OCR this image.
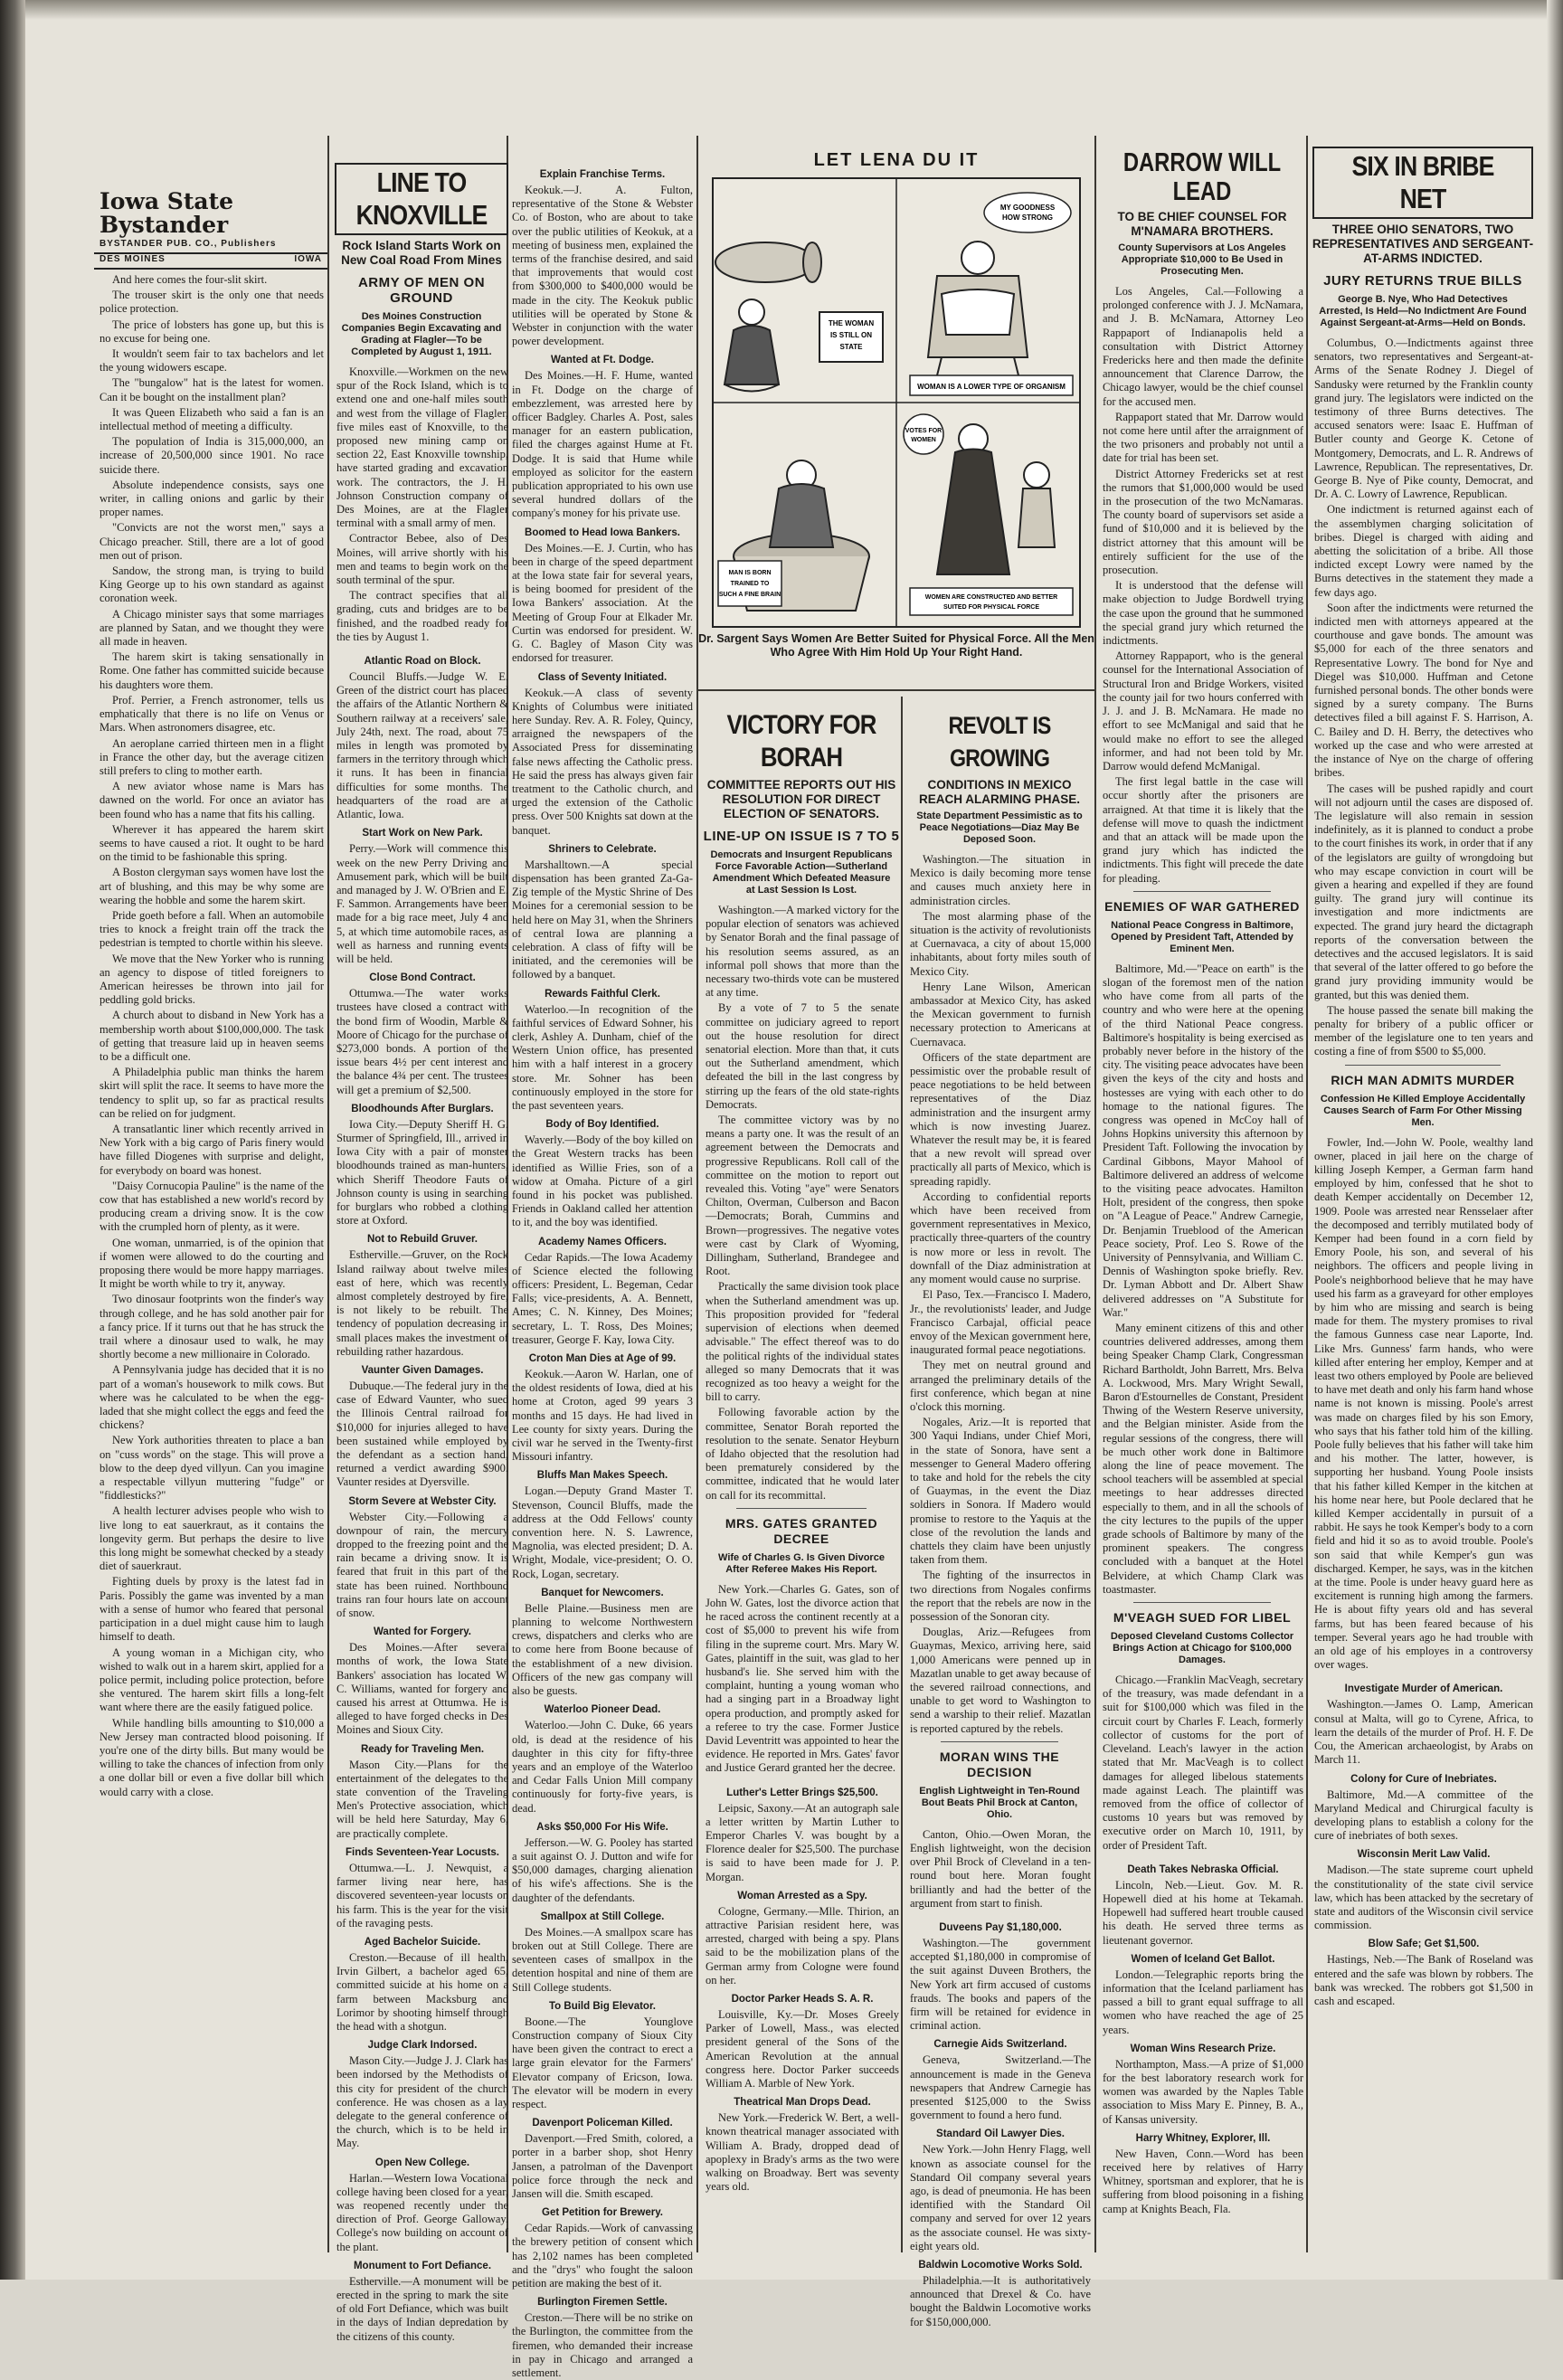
Iowa State Bystander
BYSTANDER PUB. CO., Publishers
DES MOINES	IOWA

And here comes the four-slit skirt.

The trouser skirt is the only one that needs police protection.

The price of lobsters has gone up, but this is no excuse for being one.

It wouldn't seem fair to tax bachelors and let the young widowers escape.

The "bungalow" hat is the latest for women. Can it be bought on the installment plan?

It was Queen Elizabeth who said a fan is an intellectual method of meeting a difficulty.

The population of India is 315,000,000, an increase of 20,500,000 since 1901. No race suicide there.

Absolute independence consists, says one writer, in calling onions and garlic by their proper names.

"Convicts are not the worst men," says a Chicago preacher. Still, there are a lot of good men out of prison.

Sandow, the strong man, is trying to build King George up to his own standard as against coronation week.

A Chicago minister says that some marriages are planned by Satan, and we thought they were all made in heaven.

The harem skirt is taking sensationally in Rome. One father has committed suicide because his daughters wore them.

Prof. Perrier, a French astronomer, tells us emphatically that there is no life on Venus or Mars. When astronomers disagree, etc.

An aeroplane carried thirteen men in a flight in France the other day, but the average citizen still prefers to cling to mother earth.

A new aviator whose name is Mars has dawned on the world. For once an aviator has been found who has a name that fits his calling.

Wherever it has appeared the harem skirt seems to have caused a riot. It ought to be hard on the timid to be fashionable this spring.

A Boston clergyman says women have lost the art of blushing, and this may be why some are wearing the hobble and some the harem skirt.

Pride goeth before a fall. When an automobile tries to knock a freight train off the track the pedestrian is tempted to chortle within his sleeve.

We move that the New Yorker who is running an agency to dispose of titled foreigners to American heiresses be thrown into jail for peddling gold bricks.

A church about to disband in New York has a membership worth about $100,000,000. The task of getting that treasure laid up in heaven seems to be a difficult one.

A Philadelphia public man thinks the harem skirt will split the race. It seems to have more the tendency to split up, so far as practical results can be relied on for judgment.

A transatlantic liner which recently arrived in New York with a big cargo of Paris finery would have filled Diogenes with surprise and delight, for everybody on board was honest.

"Daisy Cornucopia Pauline" is the name of the cow that has established a new world's record by producing cream a driving snow. It is the cow with the crumpled horn of plenty, as it were.

One woman, unmarried, is of the opinion that if women were allowed to do the courting and proposing there would be more happy marriages. It might be worth while to try it, anyway.

Two dinosaur footprints won the finder's way through college, and he has sold another pair for a fancy price. If it turns out that he has struck the trail where a dinosaur used to walk, he may shortly become a new millionaire in Colorado.

A Pennsylvania judge has decided that it is no part of a woman's housework to milk cows. But where was he calculated to be when the egg-laded that she might collect the eggs and feed the chickens?

New York authorities threaten to place a ban on "cuss words" on the stage. This will prove a blow to the deep dyed villyun. Can you imagine a respectable villyun muttering "fudge" or "fiddlesticks?"

A health lecturer advises people who wish to live long to eat sauerkraut, as it contains the longevity germ. But perhaps the desire to live this long might be somewhat checked by a steady diet of sauerkraut.

Fighting duels by proxy is the latest fad in Paris. Possibly the game was invented by a man with a sense of humor who feared that personal participation in a duel might cause him to laugh himself to death.

A young woman in a Michigan city, who wished to walk out in a harem skirt, applied for a police permit, including police protection, before she ventured. The harem skirt fills a long-felt want where there are the easily fatigued police.

While handling bills amounting to $10,000 a New Jersey man contracted blood poisoning. If you're one of the dirty bills. But many would be willing to take the chances of infection from only a one dollar bill or even a five dollar bill which would carry with a close.

LINE TO KNOXVILLE
Rock Island Starts Work on New Coal Road From Mines
ARMY OF MEN ON GROUND
Des Moines Construction Companies Begin Excavating and Grading at Flagler—To be Completed by August 1, 1911.

Knoxville.—Workmen on the new spur of the Rock Island, which is to extend one and one-half miles south and west from the village of Flagler, five miles east of Knoxville, to the proposed new mining camp on section 22, East Knoxville township, have started grading and excavation work. The contractors, the J. H. Johnson Construction company of Des Moines, are at the Flagler terminal with a small army of men.

Contractor Bebee, also of Des Moines, will arrive shortly with his men and teams to begin work on the south terminal of the spur.

The contract specifies that all grading, cuts and bridges are to be finished, and the roadbed ready for the ties by August 1.

Atlantic Road on Block.

Council Bluffs.—Judge W. E. Green of the district court has placed the affairs of the Atlantic Northern & Southern railway at a receivers' sale, July 24th, next. The road, about 75 miles in length was promoted by farmers in the territory through which it runs. It has been in financial difficulties for some months. The headquarters of the road are at Atlantic, Iowa.

Start Work on New Park.

Perry.—Work will commence this week on the new Perry Driving and Amusement park, which will be built and managed by J. W. O'Brien and E. F. Sammon. Arrangements have been made for a big race meet, July 4 and 5, at which time automobile races, as well as harness and running events will be held.

Close Bond Contract.

Ottumwa.—The water works trustees have closed a contract with the bond firm of Woodin, Marble & Moore of Chicago for the purchase of $273,000 bonds. A portion of the issue bears 4½ per cent interest and the balance 4¾ per cent. The trustees will get a premium of $2,500.

Bloodhounds After Burglars.

Iowa City.—Deputy Sheriff H. G. Sturmer of Springfield, Ill., arrived in Iowa City with a pair of monster bloodhounds trained as man-hunters, which Sheriff Theodore Fauts of Johnson county is using in searching for burglars who robbed a clothing store at Oxford.

Not to Rebuild Gruver.

Estherville.—Gruver, on the Rock Island railway about twelve miles east of here, which was recently almost completely destroyed by fire, is not likely to be rebuilt. The tendency of population decreasing in small places makes the investment of rebuilding rather hazardous.

Vaunter Given Damages.

Dubuque.—The federal jury in the case of Edward Vaunter, who sued the Illinois Central railroad for $10,000 for injuries alleged to have been sustained while employed by the defendant as a section hand, returned a verdict awarding $900. Vaunter resides at Dyersville.

Storm Severe at Webster City.

Webster City.—Following a downpour of rain, the mercury dropped to the freezing point and the rain became a driving snow. It is feared that fruit in this part of the state has been ruined. Northbound trains ran four hours late on account of snow.

Wanted for Forgery.

Des Moines.—After several months of work, the Iowa State Bankers' association has located W. C. Williams, wanted for forgery and caused his arrest at Ottumwa. He is alleged to have forged checks in Des Moines and Sioux City.

Ready for Traveling Men.

Mason City.—Plans for the entertainment of the delegates to the state convention of the Traveling Men's Protective association, which will be held here Saturday, May 6, are practically complete.

Finds Seventeen-Year Locusts.

Ottumwa.—L. J. Newquist, a farmer living near here, has discovered seventeen-year locusts on his farm. This is the year for the visit of the ravaging pests.

Aged Bachelor Suicide.

Creston.—Because of ill health, Irvin Gilbert, a bachelor aged 65, committed suicide at his home on a farm between Macksburg and Lorimor by shooting himself through the head with a shotgun.

Judge Clark Indorsed.

Mason City.—Judge J. J. Clark has been indorsed by the Methodists of this city for president of the church conference. He was chosen as a lay delegate to the general conference of the church, which is to be held in May.

Open New College.

Harlan.—Western Iowa Vocational college having been closed for a year, was reopened recently under the direction of Prof. George Galloway. College's now building on account of the plant.

Monument to Fort Defiance.

Estherville.—A monument will be erected in the spring to mark the site of old Fort Defiance, which was built in the days of Indian depredation by the citizens of this county.

Explain Franchise Terms.

Keokuk.—J. A. Fulton, representative of the Stone & Webster Co. of Boston, who are about to take over the public utilities of Keokuk, at a meeting of business men, explained the terms of the franchise desired, and said that improvements that would cost from $300,000 to $400,000 would be made in the city. The Keokuk public utilities will be operated by Stone & Webster in conjunction with the water power development.

Wanted at Ft. Dodge.

Des Moines.—H. F. Hume, wanted in Ft. Dodge on the charge of embezzlement, was arrested here by officer Badgley. Charles A. Post, sales manager for an eastern publication, filed the charges against Hume at Ft. Dodge. It is said that Hume while employed as solicitor for the eastern publication appropriated to his own use several hundred dollars of the company's money for his private use.

Boomed to Head Iowa Bankers.

Des Moines.—E. J. Curtin, who has been in charge of the speed department at the Iowa state fair for several years, is being boomed for president of the Iowa Bankers' association. At the Meeting of Group Four at Elkader Mr. Curtin was endorsed for president. W. G. C. Bagley of Mason City was endorsed for treasurer.

Class of Seventy Initiated.

Keokuk.—A class of seventy Knights of Columbus were initiated here Sunday. Rev. A. R. Foley, Quincy, arraigned the newspapers of the Associated Press for disseminating false news affecting the Catholic press. He said the press has always given fair treatment to the Catholic church, and urged the extension of the Catholic press. Over 500 Knights sat down at the banquet.

Shriners to Celebrate.

Marshalltown.—A special dispensation has been granted Za-Ga-Zig temple of the Mystic Shrine of Des Moines for a ceremonial session to be held here on May 31, when the Shriners of central Iowa are planning a celebration. A class of fifty will be initiated, and the ceremonies will be followed by a banquet.

Rewards Faithful Clerk.

Waterloo.—In recognition of the faithful services of Edward Sohner, his clerk, Ashley A. Dunham, chief of the Western Union office, has presented him with a half interest in a grocery store. Mr. Sohner has been continuously employed in the store for the past seventeen years.

Body of Boy Identified.

Waverly.—Body of the boy killed on the Great Western tracks has been identified as Willie Fries, son of a widow at Omaha. Picture of a girl found in his pocket was published. Friends in Oakland called her attention to it, and the boy was identified.

Academy Names Officers.

Cedar Rapids.—The Iowa Academy of Science elected the following officers: President, L. Begeman, Cedar Falls; vice-presidents, A. A. Bennett, Ames; C. N. Kinney, Des Moines; secretary, L. T. Ross, Des Moines; treasurer, George F. Kay, Iowa City.

Croton Man Dies at Age of 99.

Keokuk.—Aaron W. Harlan, one of the oldest residents of Iowa, died at his home at Croton, aged 99 years 3 months and 15 days. He had lived in Lee county for sixty years. During the civil war he served in the Twenty-first Missouri infantry.

Bluffs Man Makes Speech.

Logan.—Deputy Grand Master T. Stevenson, Council Bluffs, made the address at the Odd Fellows' county convention here. N. S. Lawrence, Magnolia, was elected president; D. A. Wright, Modale, vice-president; O. O. Rock, Logan, secretary.

Banquet for Newcomers.

Belle Plaine.—Business men are planning to welcome Northwestern crews, dispatchers and clerks who are to come here from Boone because of the establishment of a new division. Officers of the new gas company will also be guests.

Waterloo Pioneer Dead.

Waterloo.—John C. Duke, 66 years old, is dead at the residence of his daughter in this city for fifty-three years and an employe of the Waterloo and Cedar Falls Union Mill company continuously for forty-five years, is dead.

Asks $50,000 For His Wife.

Jefferson.—W. G. Pooley has started a suit against O. J. Dutton and wife for $50,000 damages, charging alienation of his wife's affections. She is the daughter of the defendants.

Smallpox at Still College.

Des Moines.—A smallpox scare has broken out at Still College. There are seventeen cases of smallpox in the detention hospital and nine of them are Still College students.

To Build Big Elevator.

Boone.—The Younglove Construction company of Sioux City have been given the contract to erect a large grain elevator for the Farmers' Elevator company of Ericson, Iowa. The elevator will be modern in every respect.

Davenport Policeman Killed.

Davenport.—Fred Smith, colored, a porter in a barber shop, shot Henry Jansen, a patrolman of the Davenport police force through the neck and Jansen will die. Smith escaped.

Get Petition for Brewery.

Cedar Rapids.—Work of canvassing the brewery petition of consent which has 2,102 names has been completed and the "drys" who fought the saloon petition are making the best of it.

Burlington Firemen Settle.

Creston.—There will be no strike on the Burlington, the committee from the firemen, who demanded their increase in pay in Chicago and arranged a settlement.

LET LENA DU IT
THE WOMAN
IS STILL ON
STATE
MY GOODNESS
HOW STRONG
WOMAN IS A LOWER TYPE OF ORGANISM
MAN IS BORN
TRAINED TO
SUCH A FINE BRAIN
VOTES FOR
WOMEN
WOMEN ARE CONSTRUCTED AND BETTER
SUITED FOR PHYSICAL FORCE
Dr. Sargent Says Women Are Better Suited for Physical Force. All the Men Who Agree With Him Hold Up Your Right Hand.
VICTORY FOR BORAH
COMMITTEE REPORTS OUT HIS RESOLUTION FOR DIRECT ELECTION OF SENATORS.
LINE-UP ON ISSUE IS 7 TO 5
Democrats and Insurgent Republicans Force Favorable Action—Sutherland Amendment Which Defeated Measure at Last Session Is Lost.

Washington.—A marked victory for the popular election of senators was achieved by Senator Borah and the final passage of his resolution seems assured, as an informal poll shows that more than the necessary two-thirds vote can be mustered at any time.

By a vote of 7 to 5 the senate committee on judiciary agreed to report out the house resolution for direct senatorial election. More than that, it cuts out the Sutherland amendment, which defeated the bill in the last congress by stirring up the fears of the old state-rights Democrats.

The committee victory was by no means a party one. It was the result of an agreement between the Democrats and progressive Republicans. Roll call of the committee on the motion to report out revealed this. Voting "aye" were Senators Chilton, Overman, Culberson and Bacon—Democrats; Borah, Cummins and Brown—progressives. The negative votes were cast by Clark of Wyoming, Dillingham, Sutherland, Brandegee and Root.

Practically the same division took place when the Sutherland amendment was up. This proposition provided for "federal supervision of elections when deemed advisable." The effect thereof was to do the political rights of the individual states alleged so many Democrats that it was recognized as too heavy a weight for the bill to carry.

Following favorable action by the committee, Senator Borah reported the resolution to the senate. Senator Heyburn of Idaho objected that the resolution had been prematurely considered by the committee, indicated that he would later on call for its recommittal.

MRS. GATES GRANTED DECREE
Wife of Charles G. Is Given Divorce After Referee Makes His Report.

New York.—Charles G. Gates, son of John W. Gates, lost the divorce action that he raced across the continent recently at a cost of $5,000 to prevent his wife from filing in the supreme court. Mrs. Mary W. Gates, plaintiff in the suit, was glad to her husband's lie. She served him with the complaint, hunting a young woman who had a singing part in a Broadway light opera production, and promptly asked for a referee to try the case. Former Justice David Leventritt was appointed to hear the evidence. He reported in Mrs. Gates' favor and Justice Gerard granted her the decree.

Luther's Letter Brings $25,500.

Leipsic, Saxony.—At an autograph sale a letter written by Martin Luther to Emperor Charles V. was bought by a Florence dealer for $25,500. The purchase is said to have been made for J. P. Morgan.

Woman Arrested as a Spy.

Cologne, Germany.—Mlle. Thirion, an attractive Parisian resident here, was arrested, charged with being a spy. Plans said to be the mobilization plans of the German army from Cologne were found on her.

Doctor Parker Heads S. A. R.

Louisville, Ky.—Dr. Moses Greely Parker of Lowell, Mass., was elected president general of the Sons of the American Revolution at the annual congress here. Doctor Parker succeeds William A. Marble of New York.

Theatrical Man Drops Dead.

New York.—Frederick W. Bert, a well-known theatrical manager associated with William A. Brady, dropped dead of apoplexy in Brady's arms as the two were walking on Broadway. Bert was seventy years old.

REVOLT IS GROWING
CONDITIONS IN MEXICO REACH ALARMING PHASE.
State Department Pessimistic as to Peace Negotiations—Diaz May Be Deposed Soon.

Washington.—The situation in Mexico is daily becoming more tense and causes much anxiety here in administration circles.

The most alarming phase of the situation is the activity of revolutionists at Cuernavaca, a city of about 15,000 inhabitants, about forty miles south of Mexico City.

Henry Lane Wilson, American ambassador at Mexico City, has asked the Mexican government to furnish necessary protection to Americans at Cuernavaca.

Officers of the state department are pessimistic over the probable result of peace negotiations to be held between representatives of the Diaz administration and the insurgent army which is now investing Juarez. Whatever the result may be, it is feared that a new revolt will spread over practically all parts of Mexico, which is spreading rapidly.

According to confidential reports which have been received from government representatives in Mexico, practically three-quarters of the country is now more or less in revolt. The downfall of the Diaz administration at any moment would cause no surprise.

El Paso, Tex.—Francisco I. Madero, Jr., the revolutionists' leader, and Judge Francisco Carbajal, official peace envoy of the Mexican government here, inaugurated formal peace negotiations.

They met on neutral ground and arranged the preliminary details of the first conference, which began at nine o'clock this morning.

Nogales, Ariz.—It is reported that 300 Yaqui Indians, under Chief Mori, in the state of Sonora, have sent a messenger to General Madero offering to take and hold for the rebels the city of Guaymas, in the event the Diaz soldiers in Sonora. If Madero would promise to restore to the Yaquis at the close of the revolution the lands and chattels they claim have been unjustly taken from them.

The fighting of the insurrectos in two directions from Nogales confirms the report that the rebels are now in the possession of the Sonoran city.

Douglas, Ariz.—Refugees from Guaymas, Mexico, arriving here, said 1,000 Americans were penned up in Mazatlan unable to get away because of the severed railroad connections, and unable to get word to Washington to send a warship to their relief. Mazatlan is reported captured by the rebels.

MORAN WINS THE DECISION
English Lightweight in Ten-Round Bout Beats Phil Brock at Canton, Ohio.

Canton, Ohio.—Owen Moran, the English lightweight, won the decision over Phil Brock of Cleveland in a ten-round bout here. Moran fought brilliantly and had the better of the argument from start to finish.

Duveens Pay $1,180,000.

Washington.—The government accepted $1,180,000 in compromise of the suit against Duveen Brothers, the New York art firm accused of customs frauds. The books and papers of the firm will be retained for evidence in criminal action.

Carnegie Aids Switzerland.

Geneva, Switzerland.—The announcement is made in the Geneva newspapers that Andrew Carnegie has presented $125,000 to the Swiss government to found a hero fund.

Standard Oil Lawyer Dies.

New York.—John Henry Flagg, well known as associate counsel for the Standard Oil company several years ago, is dead of pneumonia. He has been identified with the Standard Oil company and served for over 12 years as the associate counsel. He was sixty-eight years old.

Baldwin Locomotive Works Sold.

Philadelphia.—It is authoritatively announced that Drexel & Co. have bought the Baldwin Locomotive works for $150,000,000.

DARROW WILL LEAD
TO BE CHIEF COUNSEL FOR M'NAMARA BROTHERS.
County Supervisors at Los Angeles Appropriate $10,000 to Be Used in Prosecuting Men.

Los Angeles, Cal.—Following a prolonged conference with J. J. McNamara, and J. B. McNamara, Attorney Leo Rappaport of Indianapolis held a consultation with District Attorney Fredericks here and then made the definite announcement that Clarence Darrow, the Chicago lawyer, would be the chief counsel for the accused men.

Rappaport stated that Mr. Darrow would not come here until after the arraignment of the two prisoners and probably not until a date for trial has been set.

District Attorney Fredericks set at rest the rumors that $1,000,000 would be used in the prosecution of the two McNamaras. The county board of supervisors set aside a fund of $10,000 and it is believed by the district attorney that this amount will be entirely sufficient for the use of the prosecution.

It is understood that the defense will make objection to Judge Bordwell trying the case upon the ground that he summoned the special grand jury which returned the indictments.

Attorney Rappaport, who is the general counsel for the International Association of Structural Iron and Bridge Workers, visited the county jail for two hours conferred with J. J. and J. B. McNamara. He made no effort to see McManigal and said that he would make no effort to see the alleged informer, and had not been told by Mr. Darrow would defend McManigal.

The first legal battle in the case will occur shortly after the prisoners are arraigned. At that time it is likely that the defense will move to quash the indictment and that an attack will be made upon the grand jury which has indicted the indictments. This fight will precede the date for pleading.

ENEMIES OF WAR GATHERED
National Peace Congress in Baltimore, Opened by President Taft, Attended by Eminent Men.

Baltimore, Md.—"Peace on earth" is the slogan of the foremost men of the nation who have come from all parts of the country and who were here at the opening of the third National Peace congress. Baltimore's hospitality is being exercised as probably never before in the history of the city. The visiting peace advocates have been given the keys of the city and hosts and hostesses are vying with each other to do homage to the national figures. The congress was opened in McCoy hall of Johns Hopkins university this afternoon by President Taft. Following the invocation by Cardinal Gibbons, Mayor Mahool of Baltimore delivered an address of welcome to the visiting peace advocates. Hamilton Holt, president of the congress, then spoke on "A League of Peace." Andrew Carnegie, Dr. Benjamin Trueblood of the American Peace society, Prof. Leo S. Rowe of the University of Pennsylvania, and William C. Dennis of Washington spoke briefly. Rev. Dr. Lyman Abbott and Dr. Albert Shaw delivered addresses on "A Substitute for War."

Many eminent citizens of this and other countries delivered addresses, among them being Speaker Champ Clark, Congressman Richard Bartholdt, John Barrett, Mrs. Belva A. Lockwood, Mrs. Mary Wright Sewall, Baron d'Estournelles de Constant, President Thwing of the Western Reserve university, and the Belgian minister. Aside from the regular sessions of the congress, there will be much other work done in Baltimore along the line of peace movement. The school teachers will be assembled at special meetings to hear addresses directed especially to them, and in all the schools of the city lectures to the pupils of the upper grade schools of Baltimore by many of the prominent speakers. The congress concluded with a banquet at the Hotel Belvidere, at which Champ Clark was toastmaster.

M'VEAGH SUED FOR LIBEL
Deposed Cleveland Customs Collector Brings Action at Chicago for $100,000 Damages.

Chicago.—Franklin MacVeagh, secretary of the treasury, was made defendant in a suit for $100,000 which was filed in the circuit court by Charles F. Leach, formerly collector of customs for the port of Cleveland. Leach's lawyer in the action stated that Mr. MacVeagh is to collect damages for alleged libelous statements made against Leach. The plaintiff was removed from the office of collector of customs 10 years but was removed by executive order on March 10, 1911, by order of President Taft.

Death Takes Nebraska Official.

Lincoln, Neb.—Lieut. Gov. M. R. Hopewell died at his home at Tekamah. Hopewell had suffered heart trouble caused his death. He served three terms as lieutenant governor.

Women of Iceland Get Ballot.

London.—Telegraphic reports bring the information that the Iceland parliament has passed a bill to grant equal suffrage to all women who have reached the age of 25 years.

Woman Wins Research Prize.

Northampton, Mass.—A prize of $1,000 for the best laboratory research work for women was awarded by the Naples Table association to Miss Mary E. Pinney, B. A., of Kansas university.

Harry Whitney, Explorer, Ill.

New Haven, Conn.—Word has been received here by relatives of Harry Whitney, sportsman and explorer, that he is suffering from blood poisoning in a fishing camp at Knights Beach, Fla.

SIX IN BRIBE NET
THREE OHIO SENATORS, TWO REPRESENTATIVES AND SERGEANT-AT-ARMS INDICTED.
JURY RETURNS TRUE BILLS
George B. Nye, Who Had Detectives Arrested, Is Held—No Indictment Are Found Against Sergeant-at-Arms—Held on Bonds.

Columbus, O.—Indictments against three senators, two representatives and Sergeant-at-Arms of the Senate Rodney J. Diegel of Sandusky were returned by the Franklin county grand jury. The legislators were indicted on the testimony of three Burns detectives. The accused senators were: Isaac E. Huffman of Butler county and George K. Cetone of Montgomery, Democrats, and L. R. Andrews of Lawrence, Republican. The representatives, Dr. George B. Nye of Pike county, Democrat, and Dr. A. C. Lowry of Lawrence, Republican.

One indictment is returned against each of the assemblymen charging solicitation of bribes. Diegel is charged with aiding and abetting the solicitation of a bribe. All those indicted except Lowry were named by the Burns detectives in the statement they made a few days ago.

Soon after the indictments were returned the indicted men with attorneys appeared at the courthouse and gave bonds. The amount was $5,000 for each of the three senators and Representative Lowry. The bond for Nye and Diegel was $10,000. Huffman and Cetone furnished personal bonds. The other bonds were signed by a surety company. The Burns detectives filed a bill against F. S. Harrison, A. C. Bailey and D. H. Berry, the detectives who worked up the case and who were arrested at the instance of Nye on the charge of offering bribes.

The cases will be pushed rapidly and court will not adjourn until the cases are disposed of. The legislature will also remain in session indefinitely, as it is planned to conduct a probe to the court finishes its work, in order that if any of the legislators are guilty of wrongdoing but who may escape conviction in court will be given a hearing and expelled if they are found guilty. The grand jury will continue its investigation and more indictments are expected. The grand jury heard the dictagraph reports of the conversation between the detectives and the accused legislators. It is said that several of the latter offered to go before the grand jury providing immunity would be granted, but this was denied them.

The house passed the senate bill making the penalty for bribery of a public officer or member of the legislature one to ten years and costing a fine of from $500 to $5,000.

RICH MAN ADMITS MURDER
Confession He Killed Employe Accidentally Causes Search of Farm For Other Missing Men.

Fowler, Ind.—John W. Poole, wealthy land owner, placed in jail here on the charge of killing Joseph Kemper, a German farm hand employed by him, confessed that he shot to death Kemper accidentally on December 12, 1909. Poole was arrested near Rensselaer after the decomposed and terribly mutilated body of Kemper had been found in a corn field by Emory Poole, his son, and several of his neighbors. The officers and people living in Poole's neighborhood believe that he may have used his farm as a graveyard for other employes by him who are missing and search is being made for them. The mystery promises to rival the famous Gunness case near Laporte, Ind. Like Mrs. Gunness' farm hands, who were killed after entering her employ, Kemper and at least two others employed by Poole are believed to have met death and only his farm hand whose name is not known is missing. Poole's arrest was made on charges filed by his son Emory, who says that his father told him of the killing. Poole fully believes that his father will take him and his mother. The latter, however, is supporting her husband. Young Poole insists that his father killed Kemper in the kitchen at his home near here, but Poole declared that he killed Kemper accidentally in pursuit of a rabbit. He says he took Kemper's body to a corn field and hid it so as to avoid trouble. Poole's son said that while Kemper's gun was discharged. Kemper, he says, was in the kitchen at the time. Poole is under heavy guard here as excitement is running high among the farmers. He is about fifty years old and has several farms, but has been feared because of his temper. Several years ago he had trouble with an old age of his employes in a controversy over wages.

Investigate Murder of American.

Washington.—James O. Lamp, American consul at Malta, will go to Cyrene, Africa, to learn the details of the murder of Prof. H. F. De Cou, the American archaeologist, by Arabs on March 11.

Colony for Cure of Inebriates.

Baltimore, Md.—A committee of the Maryland Medical and Chirurgical faculty is developing plans to establish a colony for the cure of inebriates of both sexes.

Wisconsin Merit Law Valid.

Madison.—The state supreme court upheld the constitutionality of the state civil service law, which has been attacked by the secretary of state and auditors of the Wisconsin civil service commission.

Blow Safe; Get $1,500.

Hastings, Neb.—The Bank of Roseland was entered and the safe was blown by robbers. The bank was wrecked. The robbers got $1,500 in cash and escaped.
